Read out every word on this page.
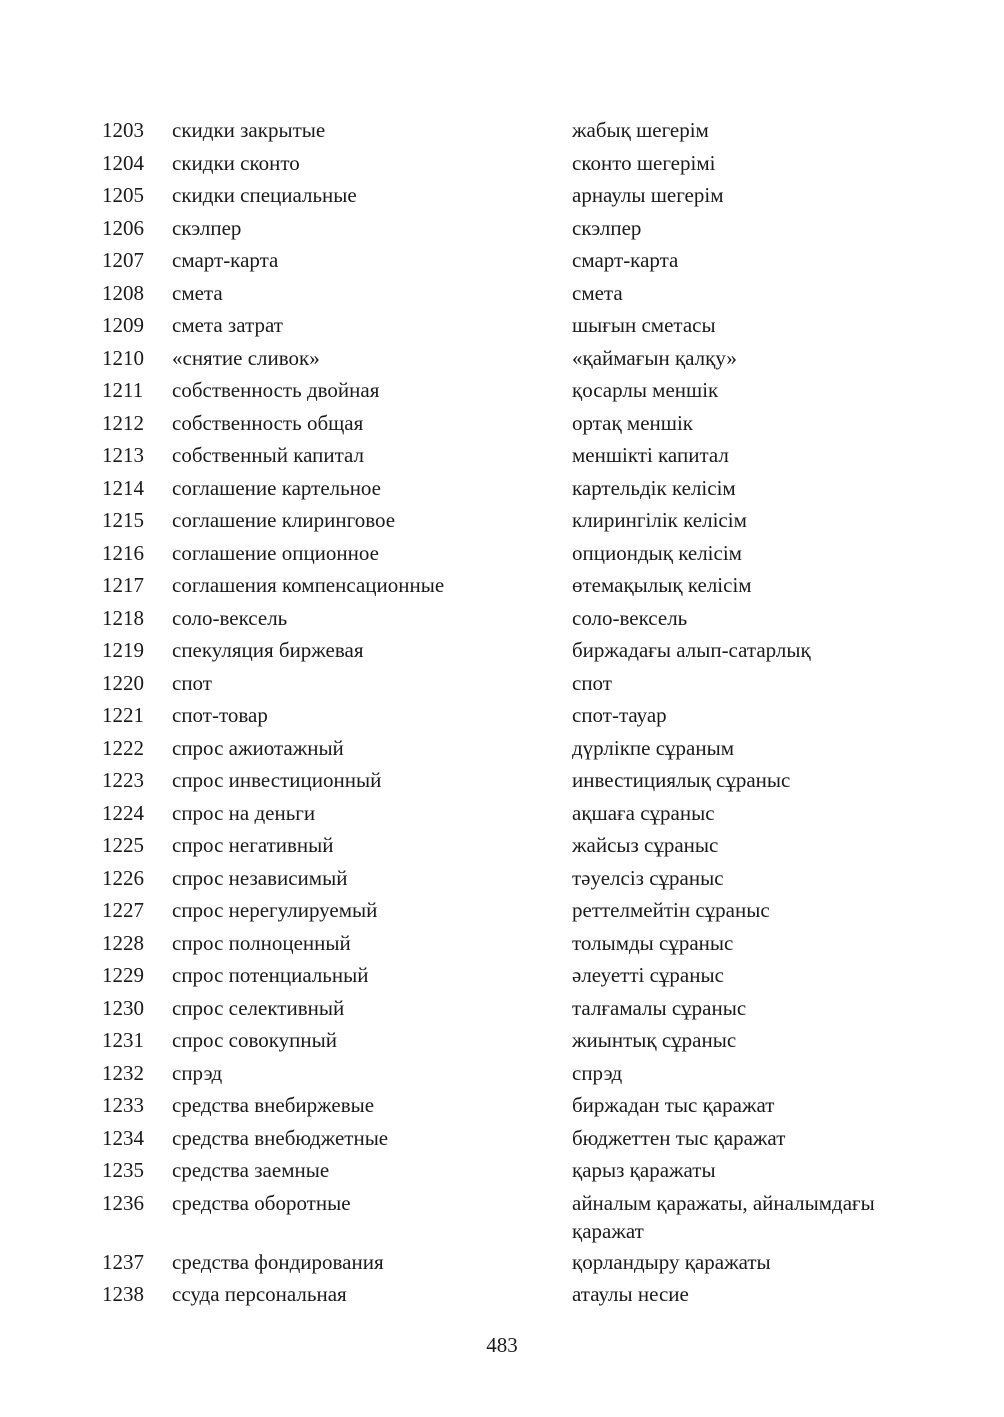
1203	скидки закрытые	жабық шегерім
1204	скидки сконто	сконто шегерімі
1205	скидки специальные	арнаулы шегерім
1206	скэлпер	скэлпер
1207	смарт-карта	смарт-карта
1208	смета	смета
1209	смета затрат	шығын сметасы
1210	«снятие сливок»	«қаймағын қалқу»
1211	собственность двойная	қосарлы меншік
1212	собственность общая	ортақ меншік
1213	собственный капитал	меншікті капитал
1214	соглашение картельное	картельдік келісім
1215	соглашение клиринговое	клирингілік келісім
1216	соглашение опционное	опциондық келісім
1217	соглашения компенсационные	өтемақылық келісім
1218	соло-вексель	соло-вексель
1219	спекуляция биржевая	биржадағы алып-сатарлық
1220	спот	спот
1221	спот-товар	спот-тауар
1222	спрос ажиотажный	дүрлікпе сұраным
1223	спрос инвестиционный	инвестициялық сұраныс
1224	спрос на деньги	ақшаға сұраныс
1225	спрос негативный	жайсыз сұраныс
1226	спрос независимый	тәуелсіз сұраныс
1227	спрос нерегулируемый	реттелмейтін сұраныс
1228	спрос полноценный	толымды сұраныс
1229	спрос потенциальный	әлеуетті сұраныс
1230	спрос селективный	талғамалы сұраныс
1231	спрос совокупный	жиынтық сұраныс
1232	спрэд	спрэд
1233	средства внебиржевые	биржадан тыс қаражат
1234	средства внебюджетные	бюджеттен тыс қаражат
1235	средства заемные	қарыз қаражаты
1236	средства оборотные	айналым қаражаты, айналымдағы қаражат
1237	средства фондирования	қорландыру қаражаты
1238	ссуда персональная	атаулы несие
483
